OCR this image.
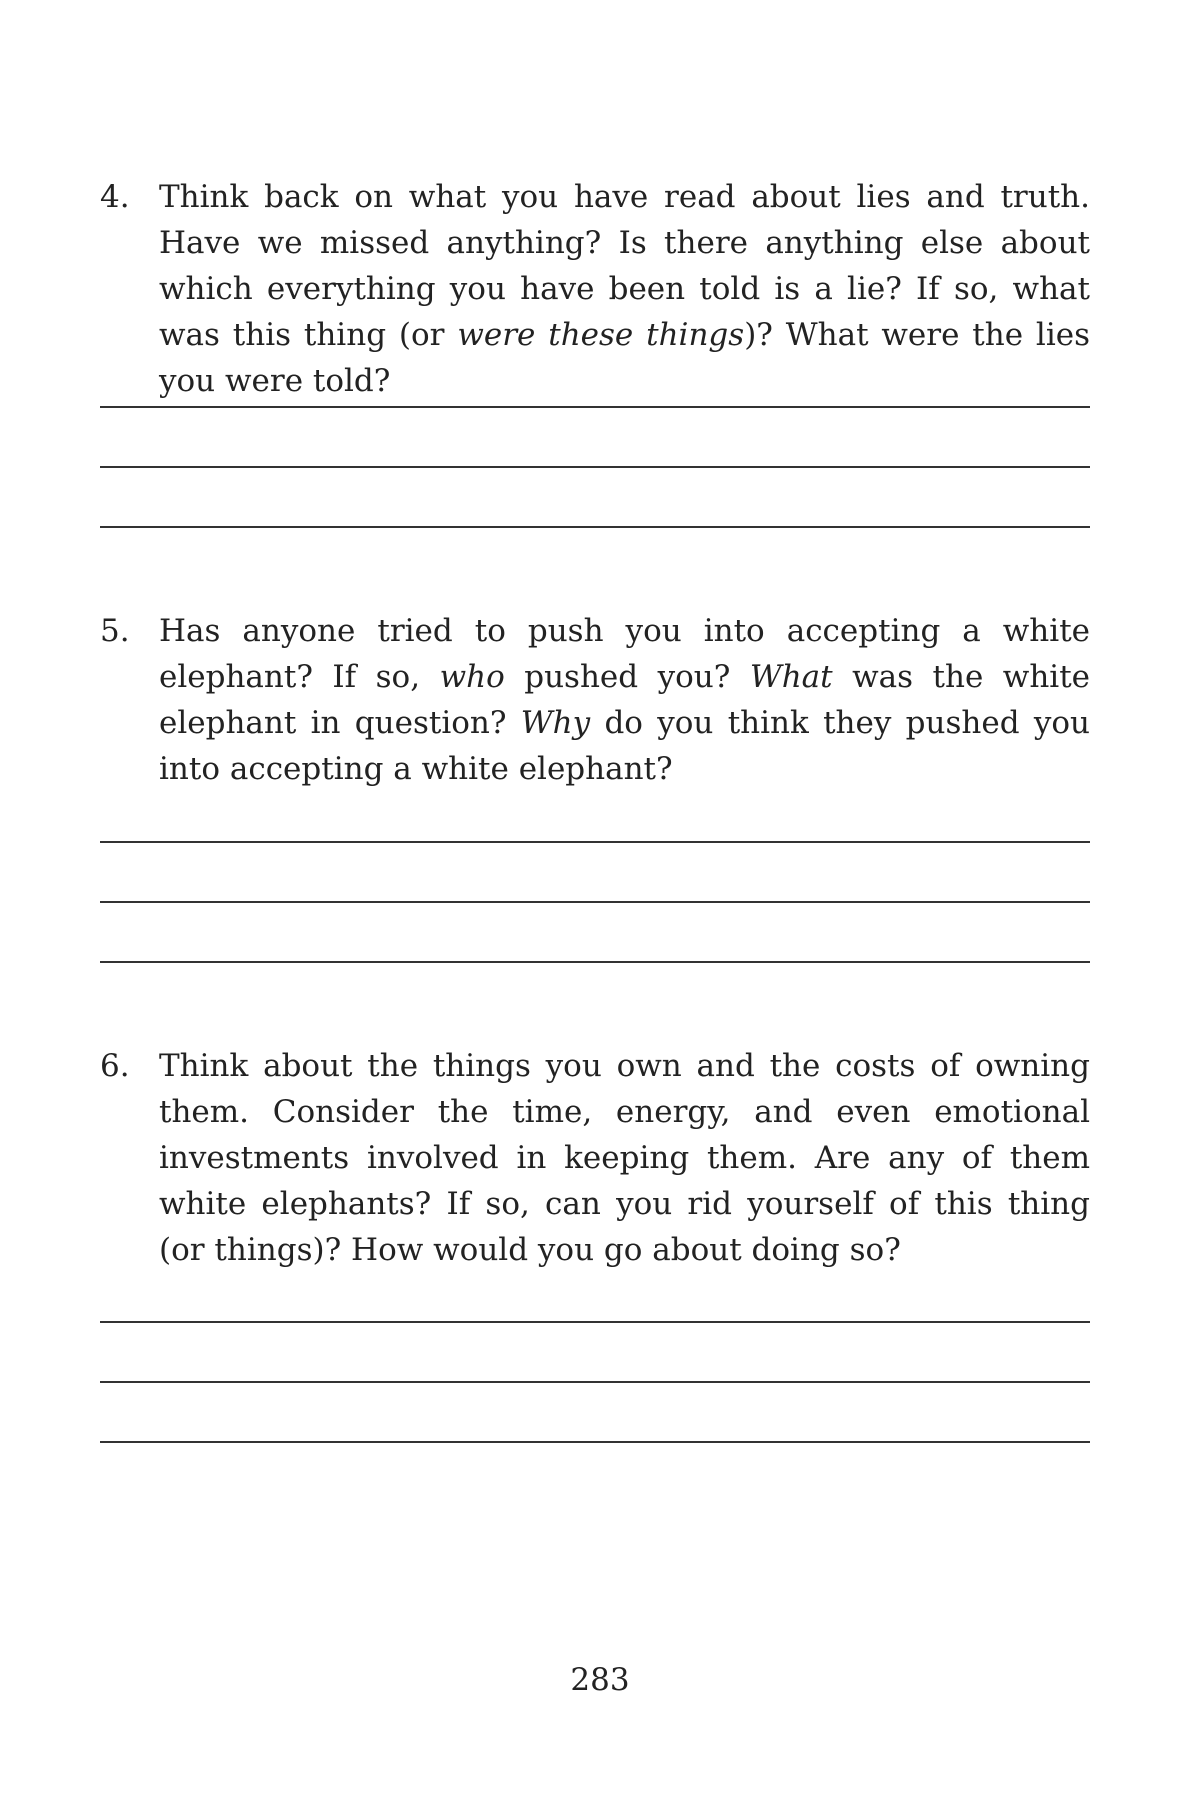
4. Think back on what you have read about lies and truth. Have we missed anything? Is there anything else about which everything you have been told is a lie? If so, what was this thing (or were these things)? What were the lies you were told?
5. Has anyone tried to push you into accepting a white elephant? If so, who pushed you? What was the white elephant in question? Why do you think they pushed you into accepting a white elephant?
6. Think about the things you own and the costs of owning them. Consider the time, energy, and even emotional investments involved in keeping them. Are any of them white elephants? If so, can you rid yourself of this thing (or things)? How would you go about doing so?
283
